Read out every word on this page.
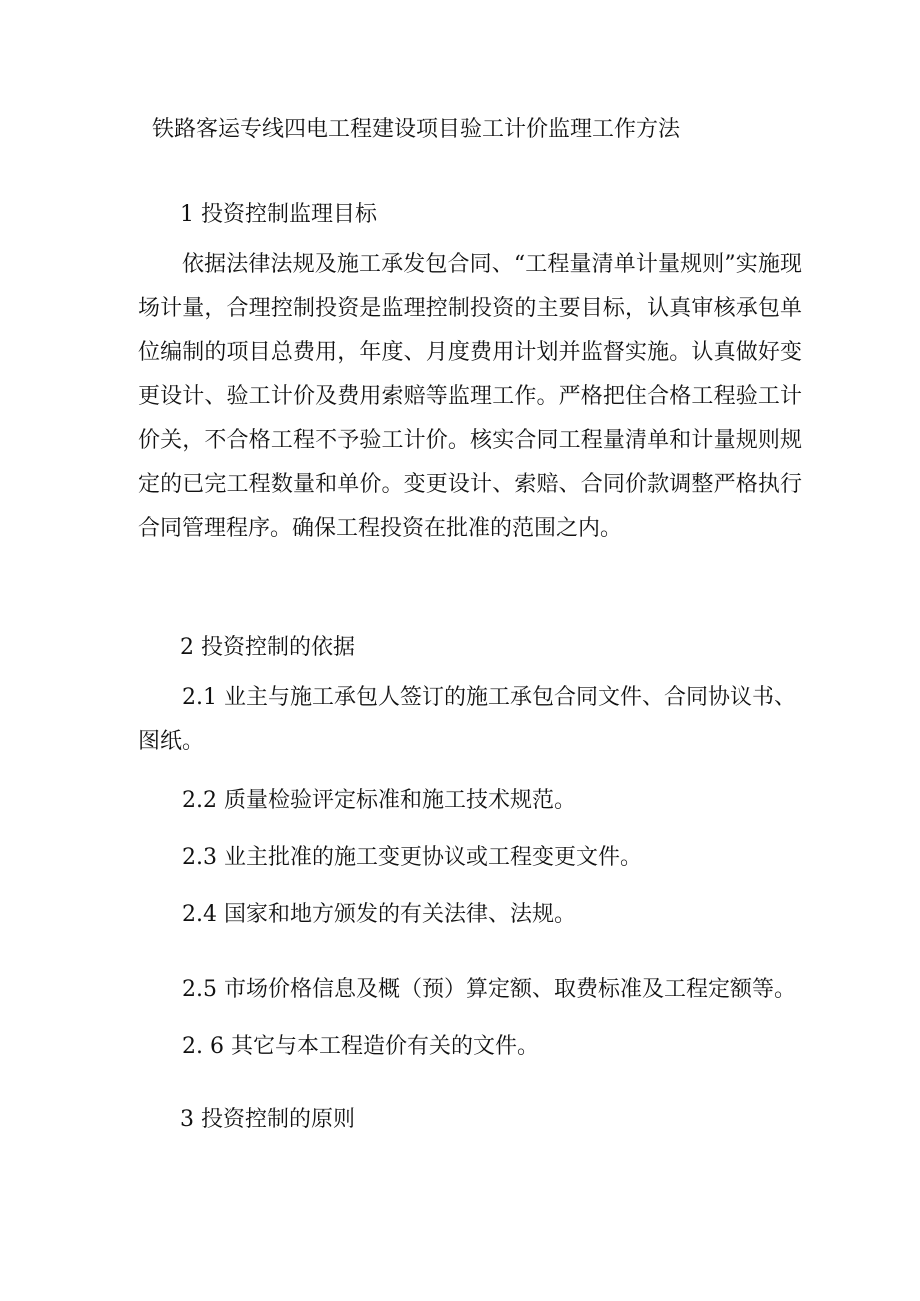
铁路客运专线四电工程建设项目验工计价监理工作方法
1 投资控制监理目标
依据法律法规及施工承发包合同、“工程量清单计量规则”实施现场计量，合理控制投资是监理控制投资的主要目标，认真审核承包单位编制的项目总费用，年度、月度费用计划并监督实施。认真做好变更设计、验工计价及费用索赔等监理工作。严格把住合格工程验工计价关，不合格工程不予验工计价。核实合同工程量清单和计量规则规定的已完工程数量和单价。变更设计、索赔、合同价款调整严格执行合同管理程序。确保工程投资在批准的范围之内。
2 投资控制的依据
2.1 业主与施工承包人签订的施工承包合同文件、合同协议书、图纸。
2.2 质量检验评定标准和施工技术规范。
2.3 业主批准的施工变更协议或工程变更文件。
2.4 国家和地方颁发的有关法律、法规。
2.5 市场价格信息及概（预）算定额、取费标准及工程定额等。
2. 6 其它与本工程造价有关的文件。
3 投资控制的原则
